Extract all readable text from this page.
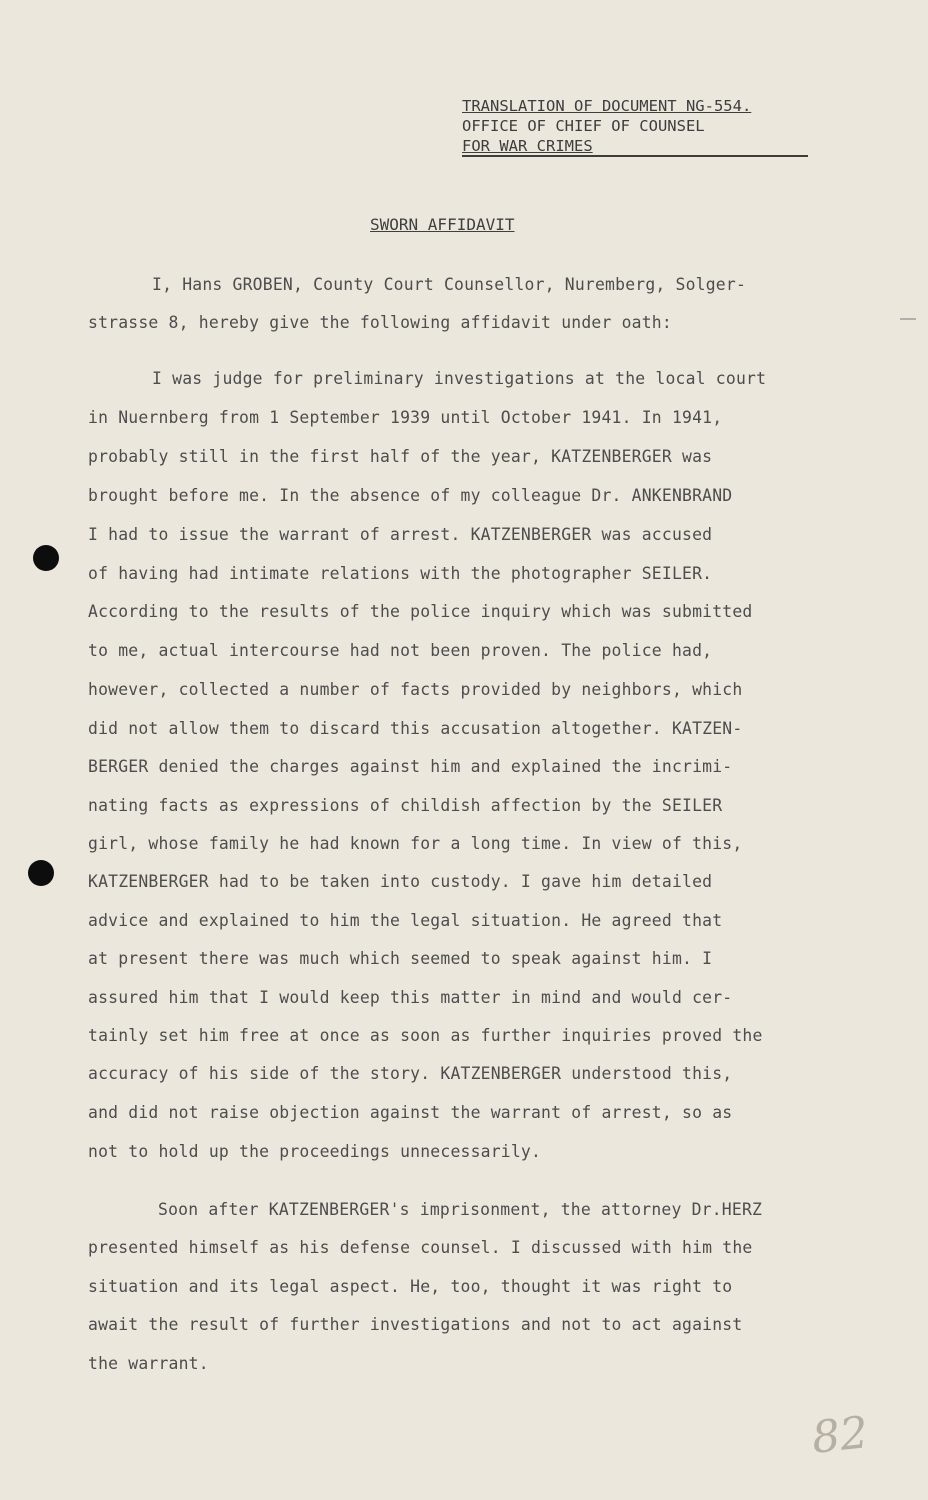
TRANSLATION OF DOCUMENT NG-554.
OFFICE OF CHIEF OF COUNSEL
FOR WAR CRIMES
SWORN AFFIDAVIT
I, Hans GROBEN, County Court Counsellor, Nuremberg, Solger-
strasse 8, hereby give the following affidavit under oath:
I was judge for preliminary investigations at the local court
in Nuernberg from 1 September 1939 until October 1941. In 1941,
probably still in the first half of the year, KATZENBERGER was
brought before me. In the absence of my colleague Dr. ANKENBRAND
I had to issue the warrant of arrest. KATZENBERGER was accused
of having had intimate relations with the photographer SEILER.
According to the results of the police inquiry which was submitted
to me, actual intercourse had not been proven. The police had,
however, collected a number of facts provided by neighbors, which
did not allow them to discard this accusation altogether. KATZEN-
BERGER denied the charges against him and explained the incrimi-
nating facts as expressions of childish affection by the SEILER
girl, whose family he had known for a long time. In view of this,
KATZENBERGER had to be taken into custody. I gave him detailed
advice and explained to him the legal situation. He agreed that
at present there was much which seemed to speak against him. I
assured him that I would keep this matter in mind and would cer-
tainly set him free at once as soon as further inquiries proved the
accuracy of his side of the story. KATZENBERGER understood this,
and did not raise objection against the warrant of arrest, so as
not to hold up the proceedings unnecessarily.
Soon after KATZENBERGER's imprisonment, the attorney Dr.HERZ
presented himself as his defense counsel. I discussed with him the
situation and its legal aspect. He, too, thought it was right to
await the result of further investigations and not to act against
the warrant.
82
